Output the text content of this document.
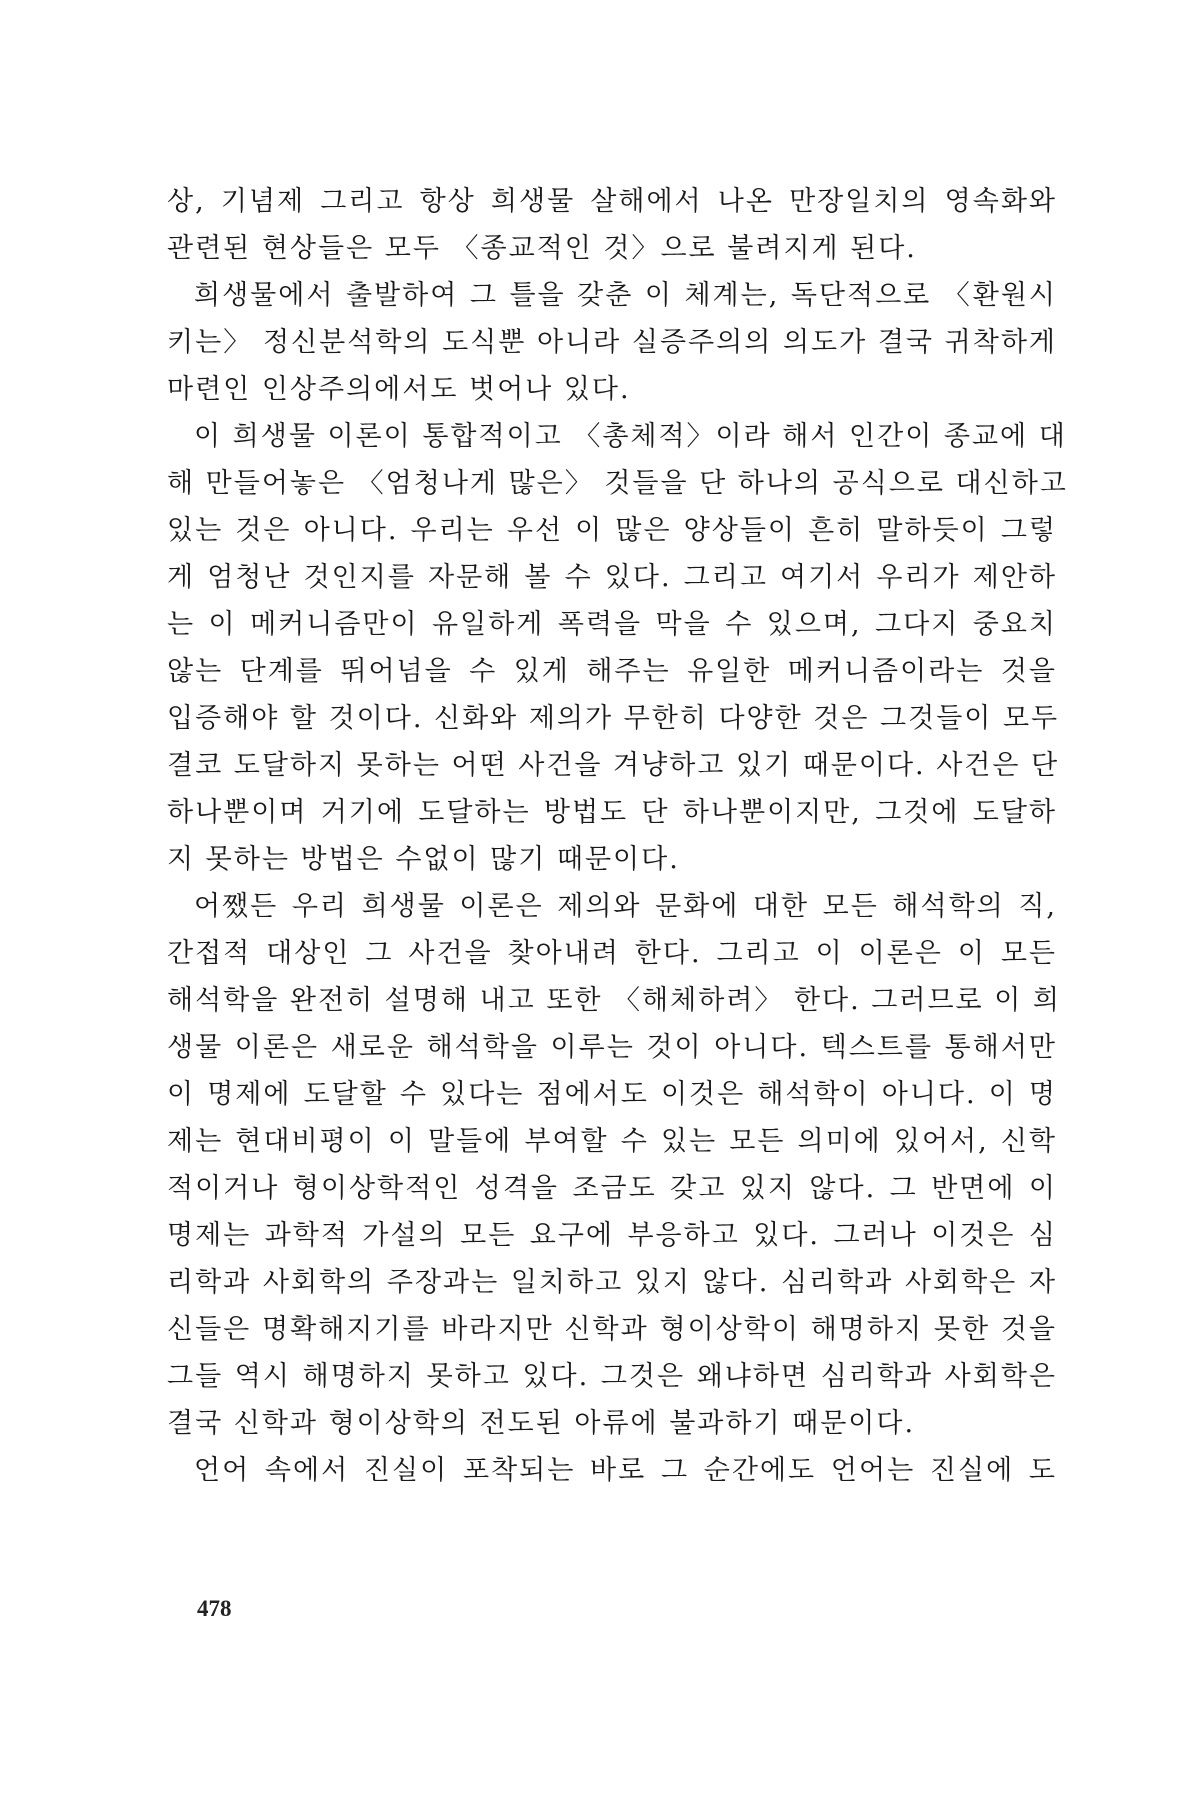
상, 기념제 그리고 항상 희생물 살해에서 나온 만장일치의 영속화와
관련된 현상들은 모두 〈종교적인 것〉으로 불려지게 된다.
희생물에서 출발하여 그 틀을 갖춘 이 체계는, 독단적으로 〈환원시
키는〉 정신분석학의 도식뿐 아니라 실증주의의 의도가 결국 귀착하게
마련인 인상주의에서도 벗어나 있다.
이 희생물 이론이 통합적이고 〈총체적〉이라 해서 인간이 종교에 대
해 만들어놓은 〈엄청나게 많은〉 것들을 단 하나의 공식으로 대신하고
있는 것은 아니다. 우리는 우선 이 많은 양상들이 흔히 말하듯이 그렇
게 엄청난 것인지를 자문해 볼 수 있다. 그리고 여기서 우리가 제안하
는 이 메커니즘만이 유일하게 폭력을 막을 수 있으며, 그다지 중요치
않는 단계를 뛰어넘을 수 있게 해주는 유일한 메커니즘이라는 것을
입증해야 할 것이다. 신화와 제의가 무한히 다양한 것은 그것들이 모두
결코 도달하지 못하는 어떤 사건을 겨냥하고 있기 때문이다. 사건은 단
하나뿐이며 거기에 도달하는 방법도 단 하나뿐이지만, 그것에 도달하
지 못하는 방법은 수없이 많기 때문이다.
어쨌든 우리 희생물 이론은 제의와 문화에 대한 모든 해석학의 직,
간접적 대상인 그 사건을 찾아내려 한다. 그리고 이 이론은 이 모든
해석학을 완전히 설명해 내고 또한 〈해체하려〉 한다. 그러므로 이 희
생물 이론은 새로운 해석학을 이루는 것이 아니다. 텍스트를 통해서만
이 명제에 도달할 수 있다는 점에서도 이것은 해석학이 아니다. 이 명
제는 현대비평이 이 말들에 부여할 수 있는 모든 의미에 있어서, 신학
적이거나 형이상학적인 성격을 조금도 갖고 있지 않다. 그 반면에 이
명제는 과학적 가설의 모든 요구에 부응하고 있다. 그러나 이것은 심
리학과 사회학의 주장과는 일치하고 있지 않다. 심리학과 사회학은 자
신들은 명확해지기를 바라지만 신학과 형이상학이 해명하지 못한 것을
그들 역시 해명하지 못하고 있다. 그것은 왜냐하면 심리학과 사회학은
결국 신학과 형이상학의 전도된 아류에 불과하기 때문이다.
언어 속에서 진실이 포착되는 바로 그 순간에도 언어는 진실에 도
478
